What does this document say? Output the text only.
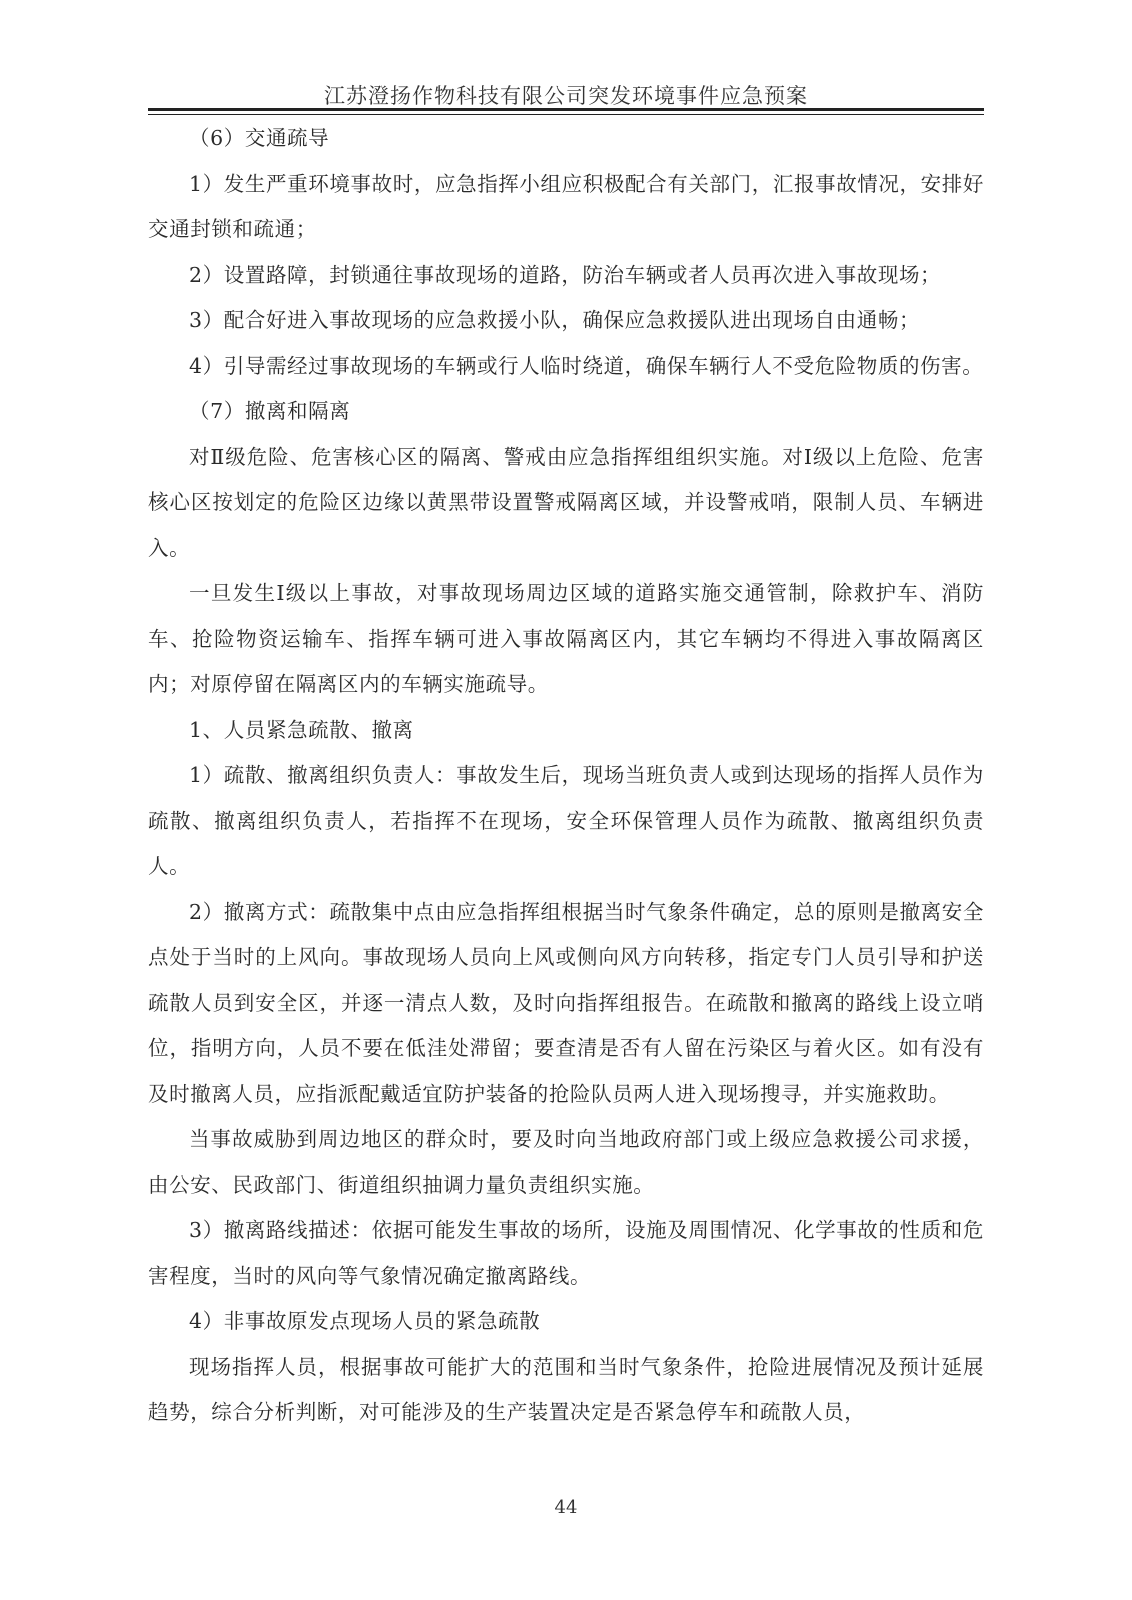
江苏澄扬作物科技有限公司突发环境事件应急预案

（6）交通疏导

1）发生严重环境事故时，应急指挥小组应积极配合有关部门，汇报事故情况，安排好交通封锁和疏通；

2）设置路障，封锁通往事故现场的道路，防治车辆或者人员再次进入事故现场；

3）配合好进入事故现场的应急救援小队，确保应急救援队进出现场自由通畅；

4）引导需经过事故现场的车辆或行人临时绕道，确保车辆行人不受危险物质的伤害。

（7）撤离和隔离

对Ⅱ级危险、危害核心区的隔离、警戒由应急指挥组组织实施。对Ⅰ级以上危险、危害核心区按划定的危险区边缘以黄黑带设置警戒隔离区域，并设警戒哨，限制人员、车辆进入。

一旦发生Ⅰ级以上事故，对事故现场周边区域的道路实施交通管制，除救护车、消防车、抢险物资运输车、指挥车辆可进入事故隔离区内，其它车辆均不得进入事故隔离区内；对原停留在隔离区内的车辆实施疏导。

1、人员紧急疏散、撤离

1）疏散、撤离组织负责人：事故发生后，现场当班负责人或到达现场的指挥人员作为疏散、撤离组织负责人，若指挥不在现场，安全环保管理人员作为疏散、撤离组织负责人。

2）撤离方式：疏散集中点由应急指挥组根据当时气象条件确定，总的原则是撤离安全点处于当时的上风向。事故现场人员向上风或侧向风方向转移，指定专门人员引导和护送疏散人员到安全区，并逐一清点人数，及时向指挥组报告。在疏散和撤离的路线上设立哨位，指明方向，人员不要在低洼处滞留；要查清是否有人留在污染区与着火区。如有没有及时撤离人员，应指派配戴适宜防护装备的抢险队员两人进入现场搜寻，并实施救助。

当事故威胁到周边地区的群众时，要及时向当地政府部门或上级应急救援公司求援，由公安、民政部门、街道组织抽调力量负责组织实施。

3）撤离路线描述：依据可能发生事故的场所，设施及周围情况、化学事故的性质和危害程度，当时的风向等气象情况确定撤离路线。

4）非事故原发点现场人员的紧急疏散

现场指挥人员，根据事故可能扩大的范围和当时气象条件，抢险进展情况及预计延展趋势，综合分析判断，对可能涉及的生产装置决定是否紧急停车和疏散人员，

44
